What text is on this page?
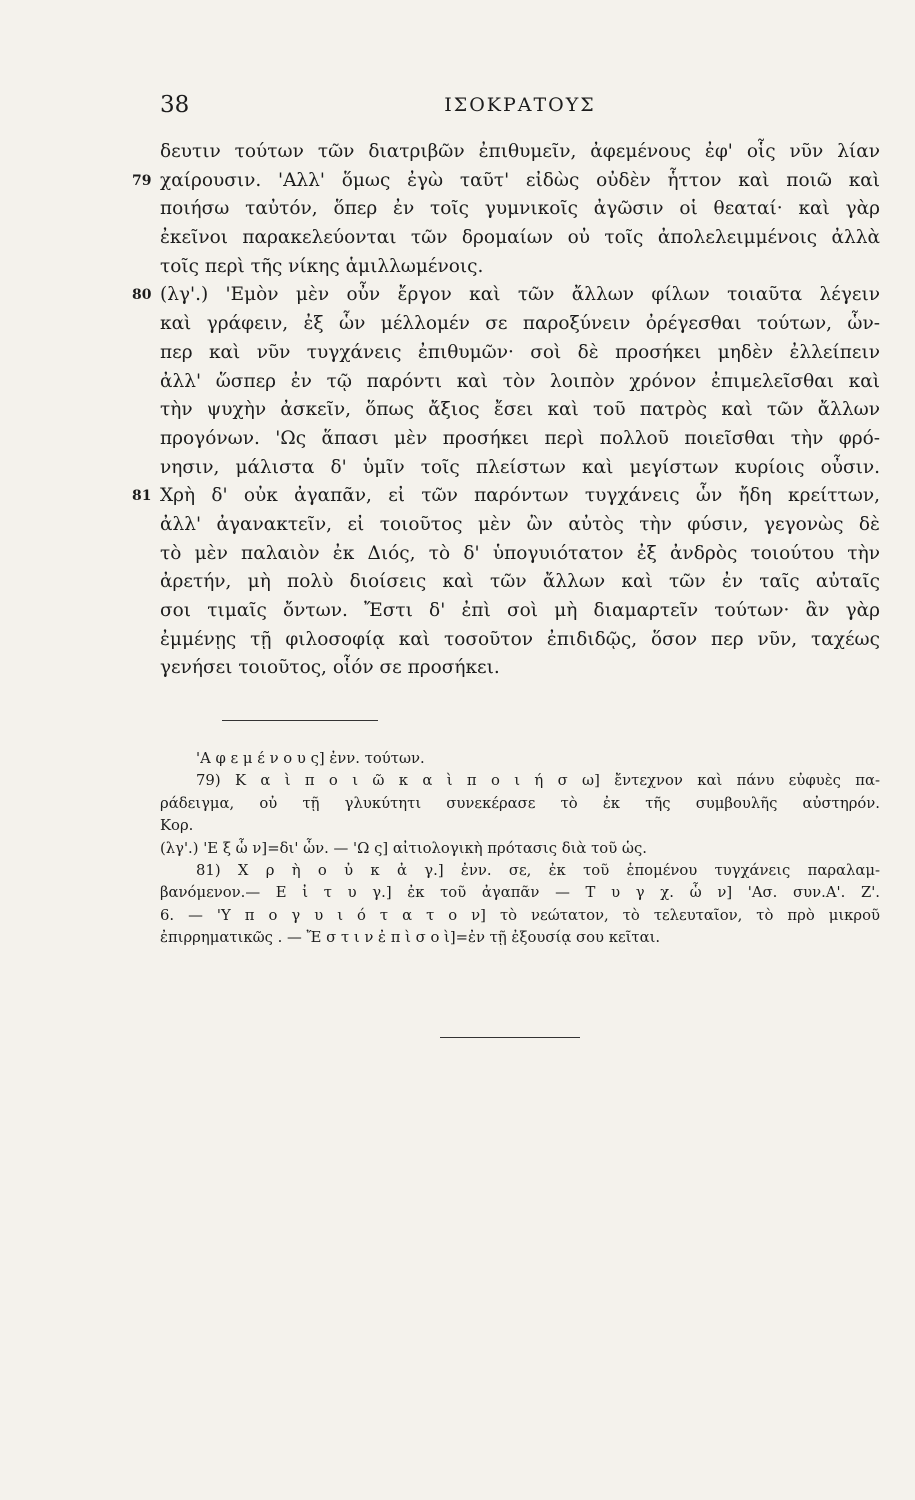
38	ΙΣΟΚΡΑΤΟΥΣ
δευτιν τούτων τῶν διατριβῶν ἐπιθυμεῖν, ἀφεμένους ἐφ' οἷς νῦν λίαν
79 χαίρουσιν. 'Αλλ' ὅμως ἐγὼ ταῦτ' εἰδὼς οὐδὲν ἧττον καὶ ποιῶ καὶ
ποιήσω ταὐτόν, ὅπερ ἐν τοῖς γυμνικοῖς ἀγῶσιν οἱ θεαταί· καὶ γὰρ
ἐκεῖνοι παρακελεύονται τῶν δρομαίων οὐ τοῖς ἀπολελειμμένοις ἀλλὰ
τοῖς περὶ τῆς νίκης ἁμιλλωμένοις.
80 (λγ'.) 'Εμὸν μὲν οὖν ἔργον καὶ τῶν ἄλλων φίλων τοιαῦτα λέγειν
καὶ γράφειν, ἐξ ὧν μέλλομέν σε παροξύνειν ὀρέγεσθαι τούτων, ὧν-
περ καὶ νῦν τυγχάνεις ἐπιθυμῶν· σοὶ δὲ προσήκει μηδὲν ἐλλείπειν
ἀλλ' ὥσπερ ἐν τῷ παρόντι καὶ τὸν λοιπὸν χρόνον ἐπιμελεῖσθαι καὶ
τὴν ψυχὴν ἀσκεῖν, ὅπως ἄξιος ἔσει καὶ τοῦ πατρὸς καὶ τῶν ἄλλων
προγόνων. 'Ως ἅπασι μὲν προσήκει περὶ πολλοῦ ποιεῖσθαι τὴν φρό-
νησιν, μάλιστα δ' ὑμῖν τοῖς πλείστων καὶ μεγίστων κυρίοις οὖσιν.
81 Χρὴ δ' οὐκ ἀγαπᾶν, εἰ τῶν παρόντων τυγχάνεις ὧν ἤδη κρείττων,
ἀλλ' ἀγανακτεῖν, εἰ τοιοῦτος μὲν ὢν αὐτὸς τὴν φύσιν, γεγονὼς δὲ
τὸ μὲν παλαιὸν ἐκ Διός, τὸ δ' ὑπογυιότατον ἐξ ἀνδρὸς τοιούτου τὴν
ἀρετήν, μὴ πολὺ διοίσεις καὶ τῶν ἄλλων καὶ τῶν ἐν ταῖς αὐταῖς
σοι τιμαῖς ὄντων. Ἔστι δ' ἐπὶ σοὶ μὴ διαμαρτεῖν τούτων· ἂν γὰρ
ἐμμένῃς τῇ φιλοσοφίᾳ καὶ τοσοῦτον ἐπιδιδῷς, ὅσον περ νῦν, ταχέως
γενήσει τοιοῦτος, οἷόν σε προσήκει.
'Α φ ε μ έ ν ο υ ς] ἐνν. τούτων.
79) Κ α ὶ π ο ι ῶ κ α ὶ π ο ι ή σ ω] ἔντεχνον καὶ πάνυ εὐφυὲς πα-
ράδειγμα, οὐ τῇ γλυκύτητι συνεκέρασε τὸ ἐκ τῆς συμβουλῆς αὐστηρόν.
Κορ.
(λγ'.) 'Ε ξ ὧ ν]=δι' ὧν. — 'Ω ς] αἰτιολογικὴ πρότασις διὰ τοῦ ὡς.
81) Χ ρ ὴ ο ὐ κ ἀ γ.] ἐνν. σε, ἐκ τοῦ ἑπομένου τυγχάνεις παραλαμ-
βανόμενον.— Ε ἰ τ υ γ.] ἐκ τοῦ ἀγαπᾶν — Τ υ γ χ. ὧ ν] 'Ασ. συν.Α'. Ζ'.
6. — 'Υ π ο γ υ ι ό τ α τ ο ν] τὸ νεώτατον, τὸ τελευταῖον, τὸ πρὸ μικροῦ
ἐπιρρηματικῶς . — Ἔ σ τ ι ν ἐ π ὶ σ ο ὶ]=ἐν τῇ ἐξουσίᾳ σου κεῖται.
